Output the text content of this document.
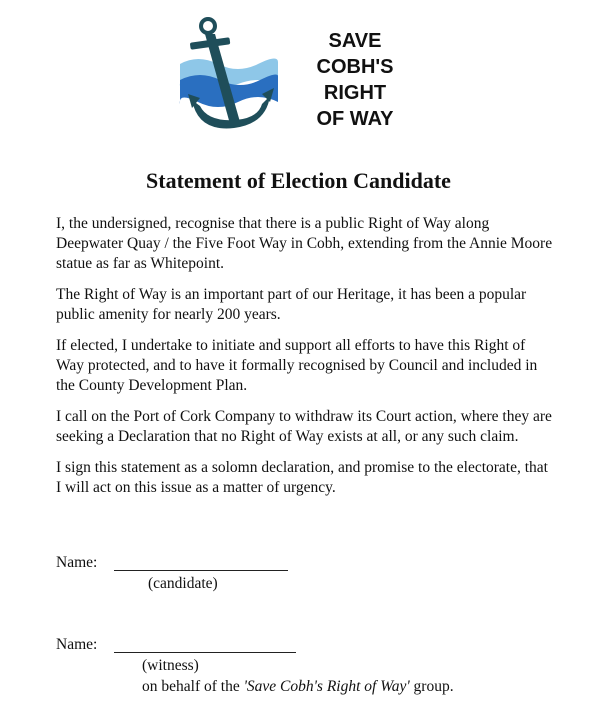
SAVE
COBH'S
RIGHT
OF WAY
Statement of Election Candidate

I, the undersigned, recognise that there is a public Right of Way along Deepwater Quay / the Five Foot Way in Cobh, extending from the Annie Moore statue as far as Whitepoint.

The Right of Way is an important part of our Heritage, it has been a popular public amenity for nearly 200 years.

If elected, I undertake to initiate and support all efforts to have this Right of Way protected, and to have it formally recognised by Council and included in the County Development Plan.

I call on the Port of Cork Company to withdraw its Court action, where they are seeking a Declaration that no Right of Way exists at all, or any such claim.

I sign this statement as a solomn declaration, and promise to the electorate, that I will act on this issue as a matter of urgency.

Name:
(candidate)
Name:
(witness)
on behalf of the 'Save Cobh's Right of Way' group.
